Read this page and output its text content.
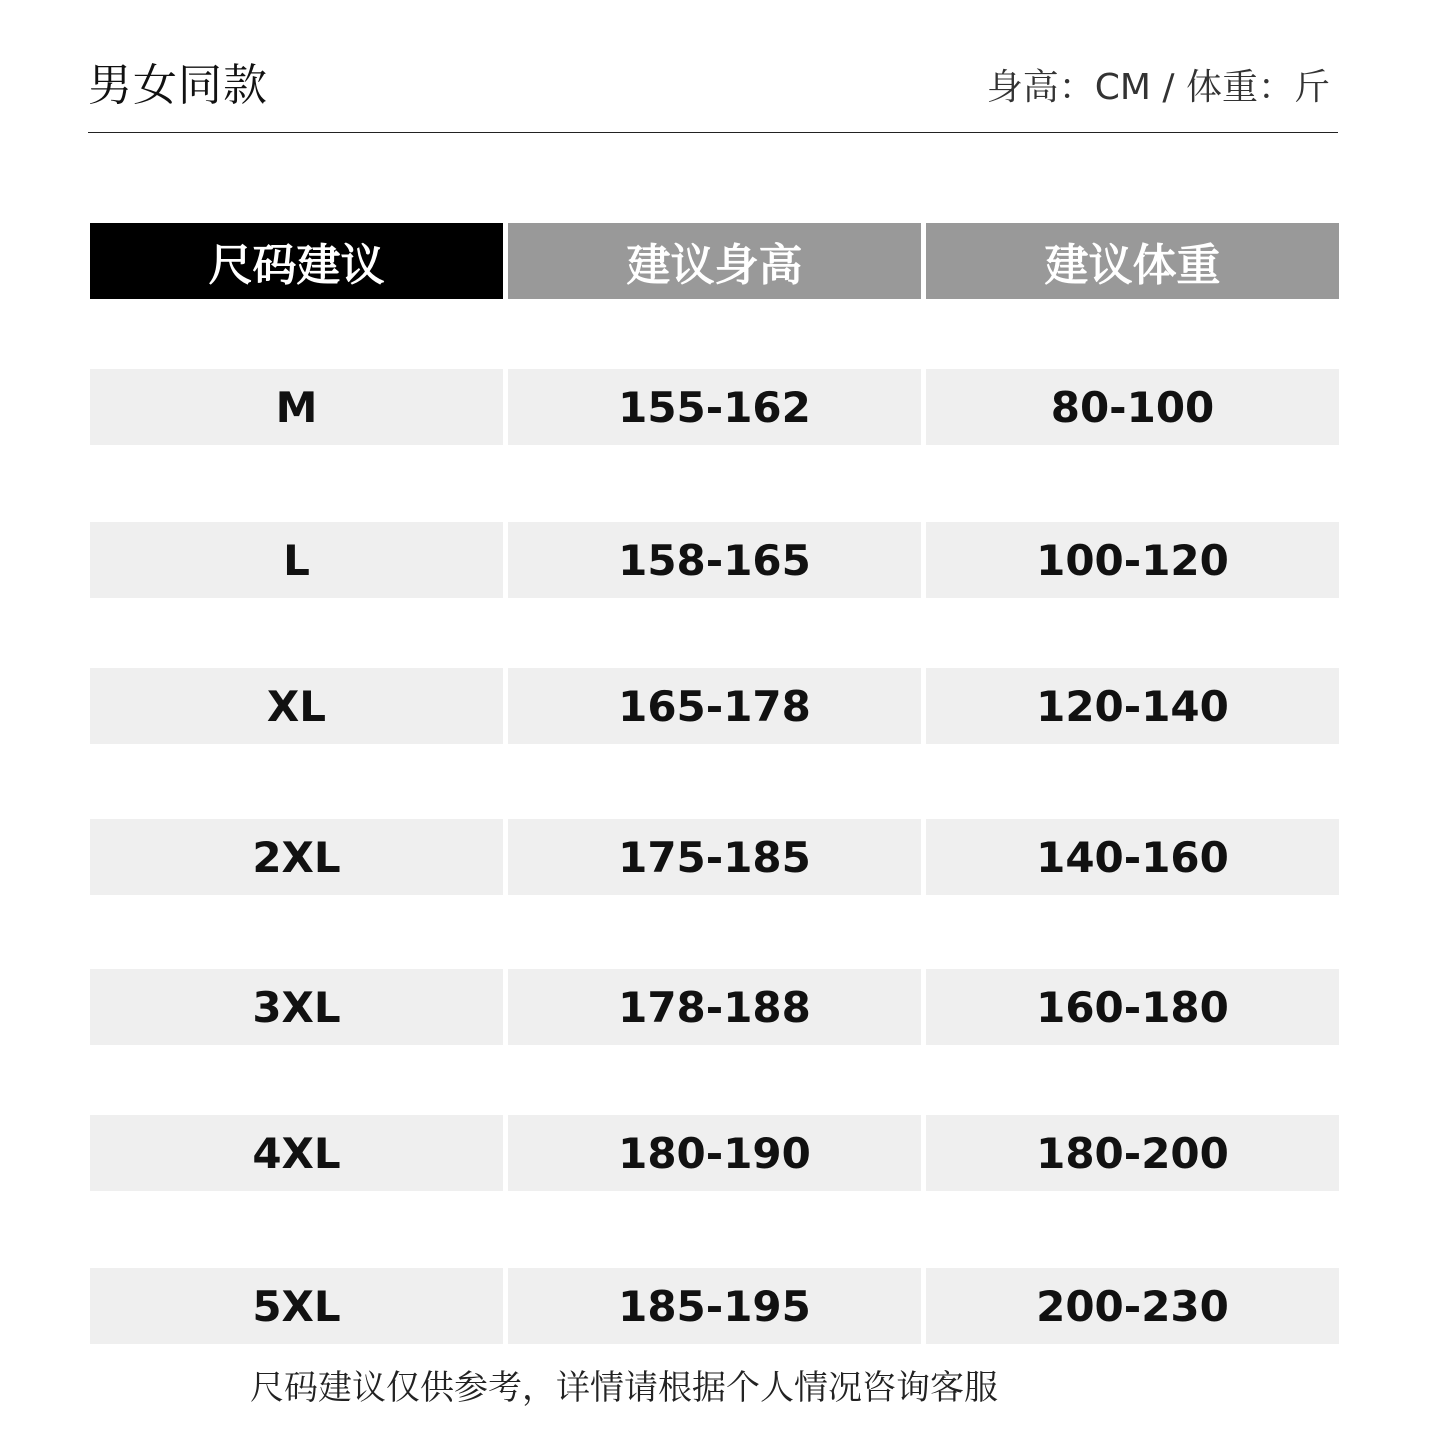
男女同款	身高：CM / 体重：斤
尺码建议	建议身高	建议体重
M	155-162	80-100
L	158-165	100-120
XL	165-178	120-140
2XL	175-185	140-160
3XL	178-188	160-180
4XL	180-190	180-200
5XL	185-195	200-230
尺码建议仅供参考，详情请根据个人情况咨询客服
